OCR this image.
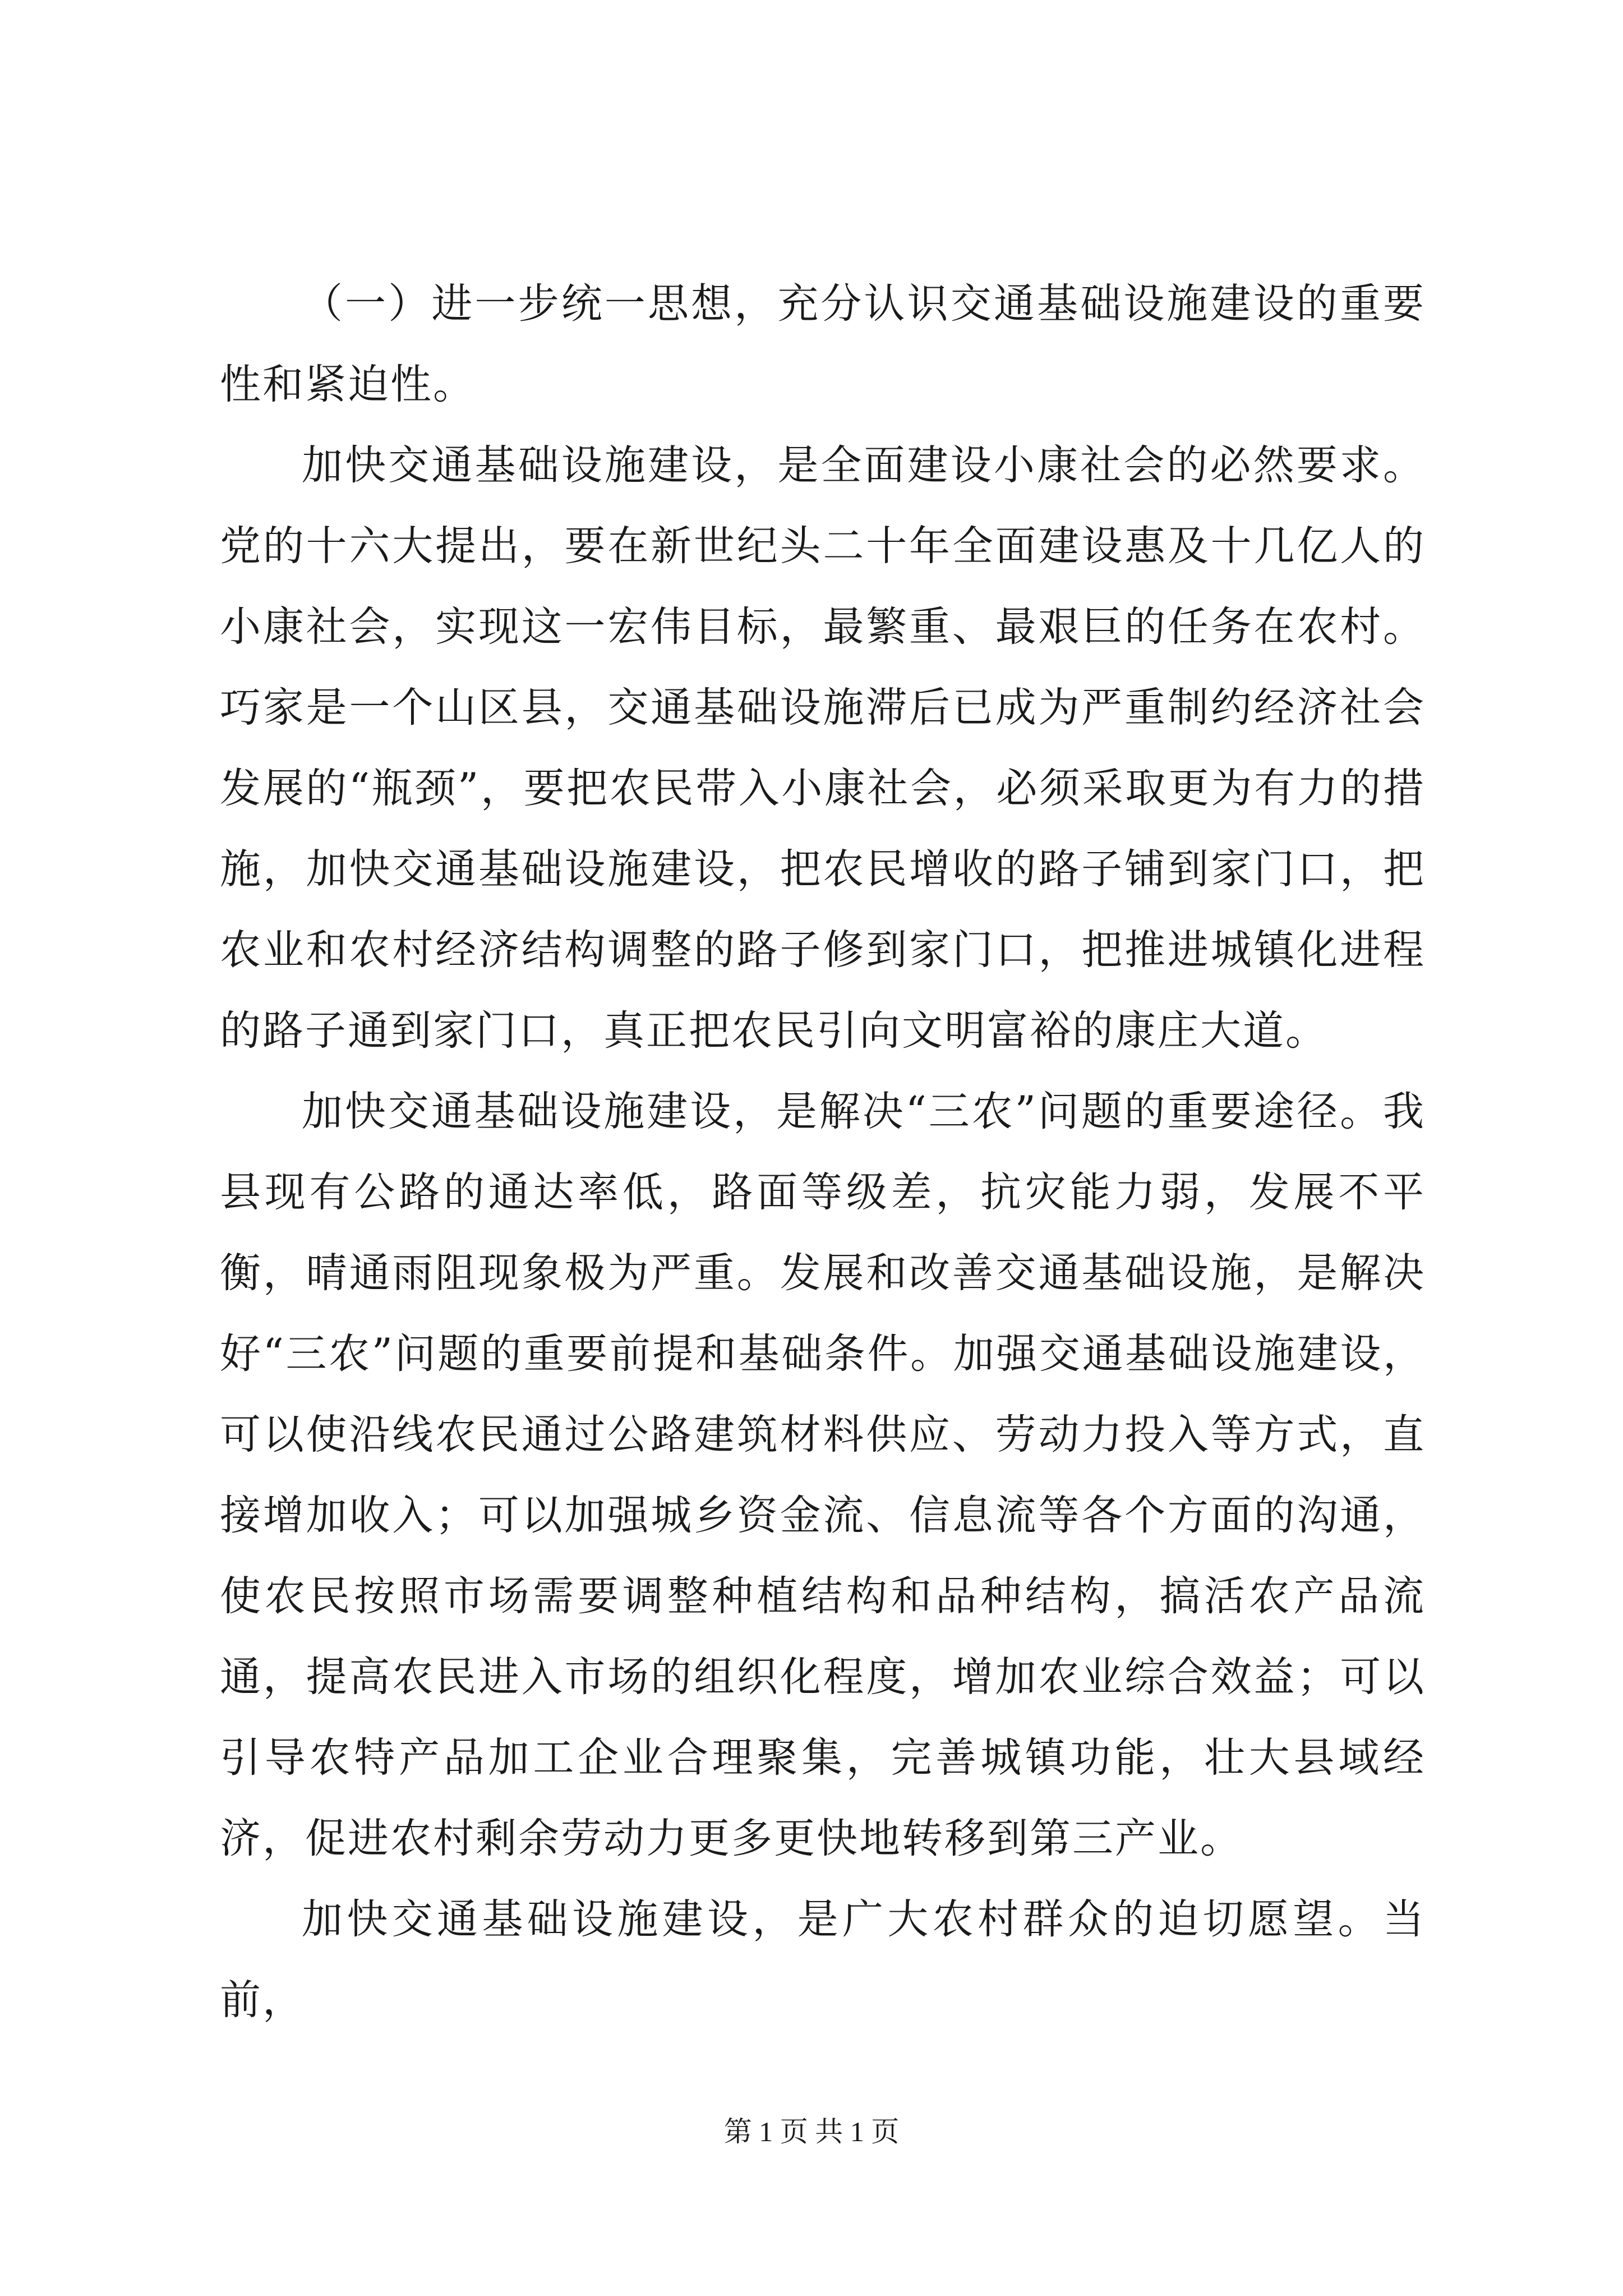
（一）进一步统一思想，充分认识交通基础设施建设的重要性和紧迫性。

加快交通基础设施建设，是全面建设小康社会的必然要求。党的十六大提出，要在新世纪头二十年全面建设惠及十几亿人的小康社会，实现这一宏伟目标，最繁重、最艰巨的任务在农村。巧家是一个山区县，交通基础设施滞后已成为严重制约经济社会发展的“瓶颈”，要把农民带入小康社会，必须采取更为有力的措施，加快交通基础设施建设，把农民增收的路子铺到家门口，把农业和农村经济结构调整的路子修到家门口，把推进城镇化进程的路子通到家门口，真正把农民引向文明富裕的康庄大道。

加快交通基础设施建设，是解决“三农”问题的重要途径。我县现有公路的通达率低，路面等级差，抗灾能力弱，发展不平衡，晴通雨阻现象极为严重。发展和改善交通基础设施，是解决好“三农”问题的重要前提和基础条件。加强交通基础设施建设，可以使沿线农民通过公路建筑材料供应、劳动力投入等方式，直接增加收入；可以加强城乡资金流、信息流等各个方面的沟通，使农民按照市场需要调整种植结构和品种结构，搞活农产品流通，提高农民进入市场的组织化程度，增加农业综合效益；可以引导农特产品加工企业合理聚集，完善城镇功能，壮大县域经济，促进农村剩余劳动力更多更快地转移到第三产业。

加快交通基础设施建设，是广大农村群众的迫切愿望。当前，

第 1 页 共 1 页
